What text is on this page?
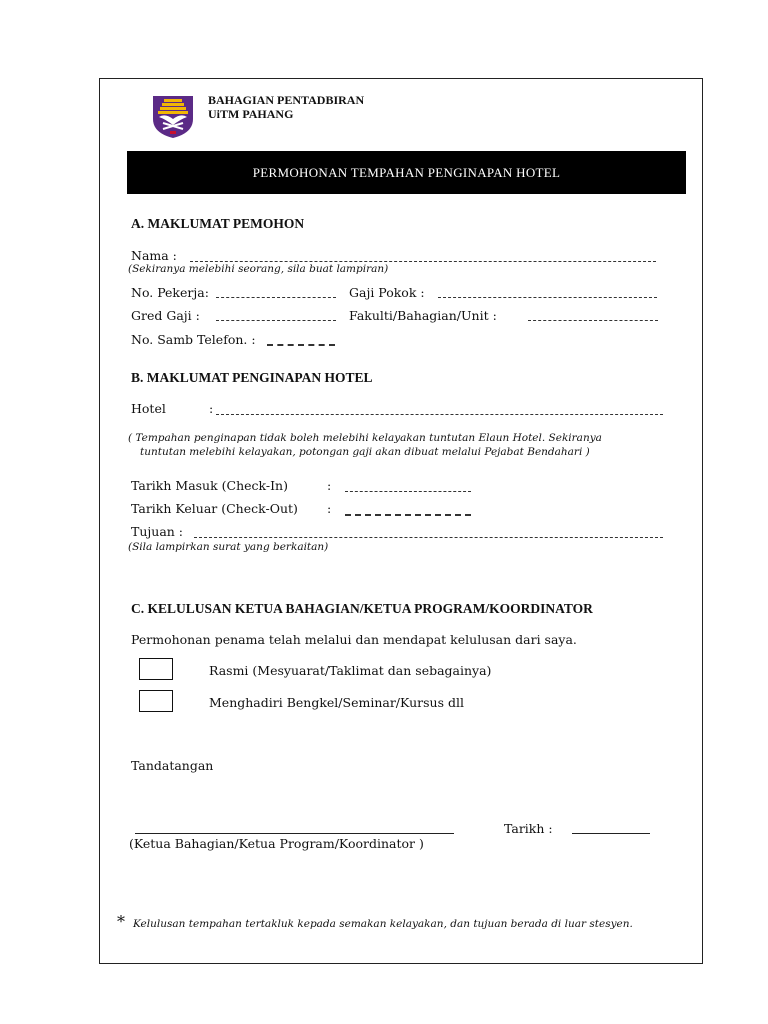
BAHAGIAN PENTADBIRAN
UiTM PAHANG
PERMOHONAN TEMPAHAN PENGINAPAN HOTEL
A. MAKLUMAT PEMOHON
Nama :
(Sekiranya melebihi seorang, sila buat lampiran)
No. Pekerja:	Gaji Pokok :
Gred Gaji :	Fakulti/Bahagian/Unit :
No. Samb Telefon. :
B. MAKLUMAT PENGINAPAN HOTEL
Hotel	:
( Tempahan penginapan tidak boleh melebihi kelayakan tuntutan Elaun Hotel. Sekiranya
tuntutan melebihi kelayakan, potongan gaji akan dibuat melalui Pejabat Bendahari )
Tarikh Masuk (Check-In)	:
Tarikh Keluar (Check-Out) :
Tujuan :
(Sila lampirkan surat yang berkaitan)
C. KELULUSAN KETUA BAHAGIAN/KETUA PROGRAM/KOORDINATOR
Permohonan penama telah melalui dan mendapat kelulusan dari saya.
Rasmi (Mesyuarat/Taklimat dan sebagainya)
Menghadiri Bengkel/Seminar/Kursus dll
Tandatangan
(Ketua Bahagian/Ketua Program/Koordinator )
Tarikh :
* Kelulusan tempahan tertakluk kepada semakan kelayakan, dan tujuan berada di luar stesyen.
